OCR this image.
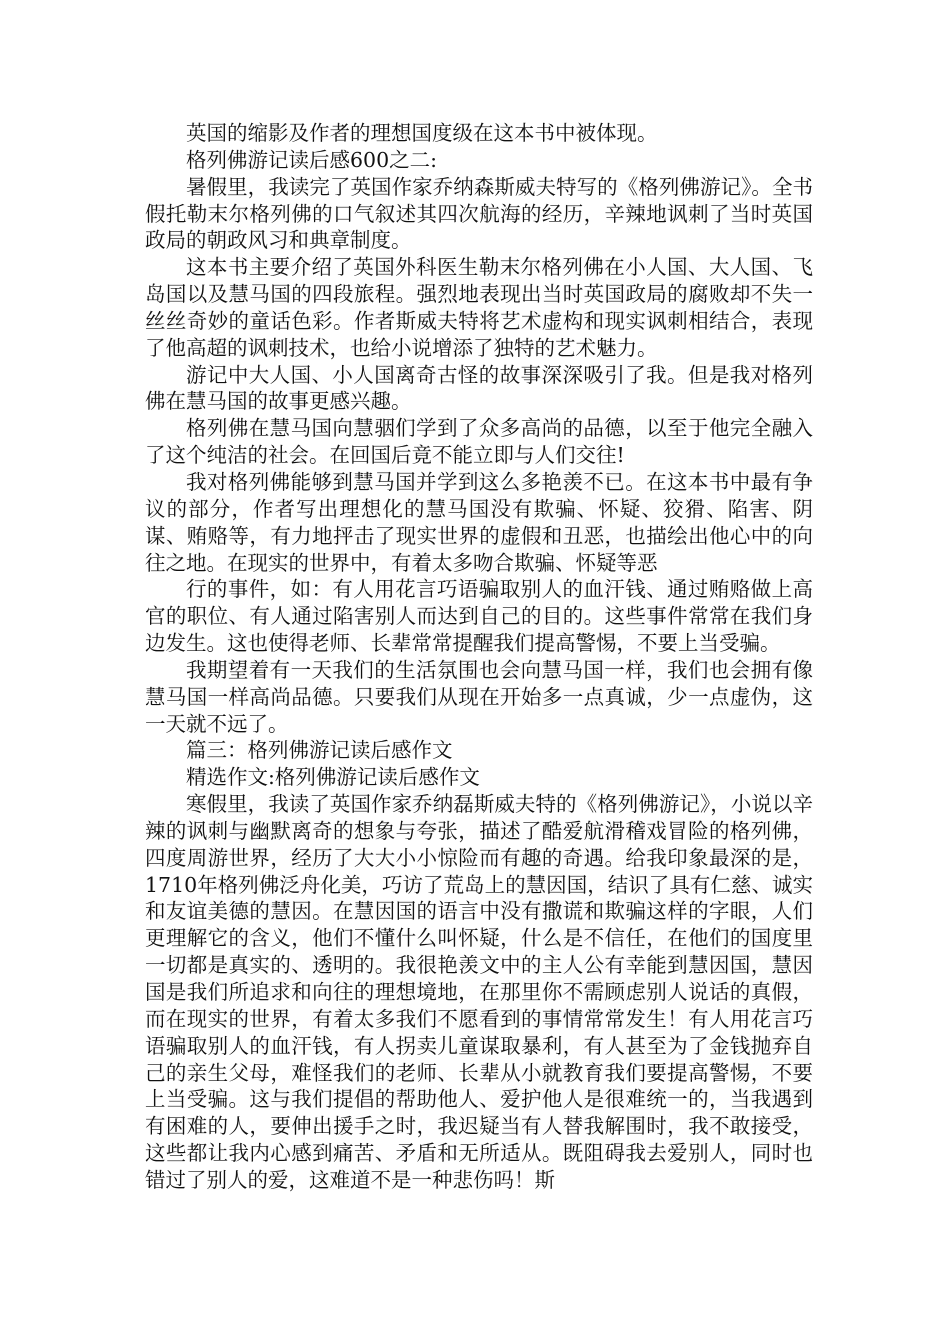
英国的缩影及作者的理想国度级在这本书中被体现。

格列佛游记读后感600之二:

暑假里，我读完了英国作家乔纳森斯威夫特写的《格列佛游记》。全书假托勒末尔格列佛的口气叙述其四次航海的经历，辛辣地讽刺了当时英国政局的朝政风习和典章制度。

这本书主要介绍了英国外科医生勒末尔格列佛在小人国、大人国、飞岛国以及慧马国的四段旅程。强烈地表现出当时英国政局的腐败却不失一丝丝奇妙的童话色彩。作者斯威夫特将艺术虚构和现实讽刺相结合，表现了他高超的讽刺技术，也给小说增添了独特的艺术魅力。

游记中大人国、小人国离奇古怪的故事深深吸引了我。但是我对格列佛在慧马国的故事更感兴趣。

格列佛在慧马国向慧骃们学到了众多高尚的品德，以至于他完全融入了这个纯洁的社会。在回国后竟不能立即与人们交往!

我对格列佛能够到慧马国并学到这么多艳羡不已。在这本书中最有争议的部分，作者写出理想化的慧马国没有欺骗、怀疑、狡猾、陷害、阴谋、贿赂等，有力地抨击了现实世界的虚假和丑恶，也描绘出他心中的向往之地。在现实的世界中，有着太多吻合欺骗、怀疑等恶

行的事件，如：有人用花言巧语骗取别人的血汗钱、通过贿赂做上高官的职位、有人通过陷害别人而达到自己的目的。这些事件常常在我们身边发生。这也使得老师、长辈常常提醒我们提高警惕，不要上当受骗。

我期望着有一天我们的生活氛围也会向慧马国一样，我们也会拥有像慧马国一样高尚品德。只要我们从现在开始多一点真诚，少一点虚伪，这一天就不远了。

篇三：格列佛游记读后感作文

精选作文:格列佛游记读后感作文

寒假里，我读了英国作家乔纳磊斯威夫特的《格列佛游记》，小说以辛辣的讽刺与幽默离奇的想象与夸张，描述了酷爱航滑稽戏冒险的格列佛，四度周游世界，经历了大大小小惊险而有趣的奇遇。给我印象最深的是，1710年格列佛泛舟化美，巧访了荒岛上的慧因国，结识了具有仁慈、诚实和友谊美德的慧因。在慧因国的语言中没有撒谎和欺骗这样的字眼，人们更理解它的含义，他们不懂什么叫怀疑，什么是不信任，在他们的国度里一切都是真实的、透明的。我很艳羡文中的主人公有幸能到慧因国，慧因国是我们所追求和向往的理想境地，在那里你不需顾虑别人说话的真假，而在现实的世界，有着太多我们不愿看到的事情常常发生！有人用花言巧语骗取别人的血汗钱，有人拐卖儿童谋取暴利，有人甚至为了金钱抛弃自己的亲生父母，难怪我们的老师、长辈从小就教育我们要提高警惕，不要上当受骗。这与我们提倡的帮助他人、爱护他人是很难统一的，当我遇到有困难的人，要伸出援手之时，我迟疑当有人替我解围时，我不敢接受，这些都让我内心感到痛苦、矛盾和无所适从。既阻碍我去爱别人，同时也错过了别人的爱，这难道不是一种悲伤吗！斯
